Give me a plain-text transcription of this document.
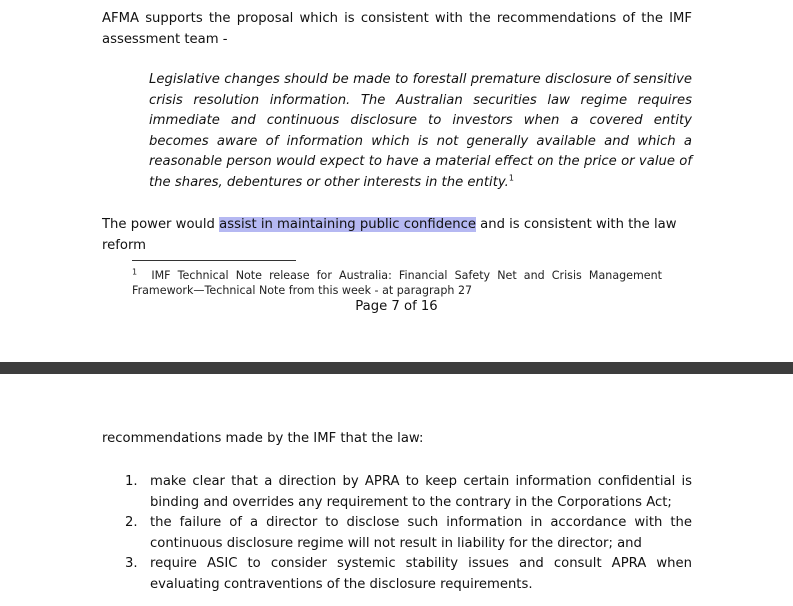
AFMA supports the proposal which is consistent with the recommendations of the IMF assessment team -

Legislative changes should be made to forestall premature disclosure of sensitive crisis resolution information. The Australian securities law regime requires immediate and continuous disclosure to investors when a covered entity becomes aware of information which is not generally available and which a reasonable person would expect to have a material effect on the price or value of the shares, debentures or other interests in the entity.$^1$

The power would assist in maintaining public confidence and is consistent with the law reform

$^1$ IMF Technical Note release for Australia: Financial Safety Net and Crisis Management Framework—Technical Note from this week - at paragraph 27

Page 7 of 16

recommendations made by the IMF that the law:

1. make clear that a direction by APRA to keep certain information confidential is binding and overrides any requirement to the contrary in the Corporations Act;
2. the failure of a director to disclose such information in accordance with the continuous disclosure regime will not result in liability for the director; and
3. require ASIC to consider systemic stability issues and consult APRA when evaluating contraventions of the disclosure requirements.
